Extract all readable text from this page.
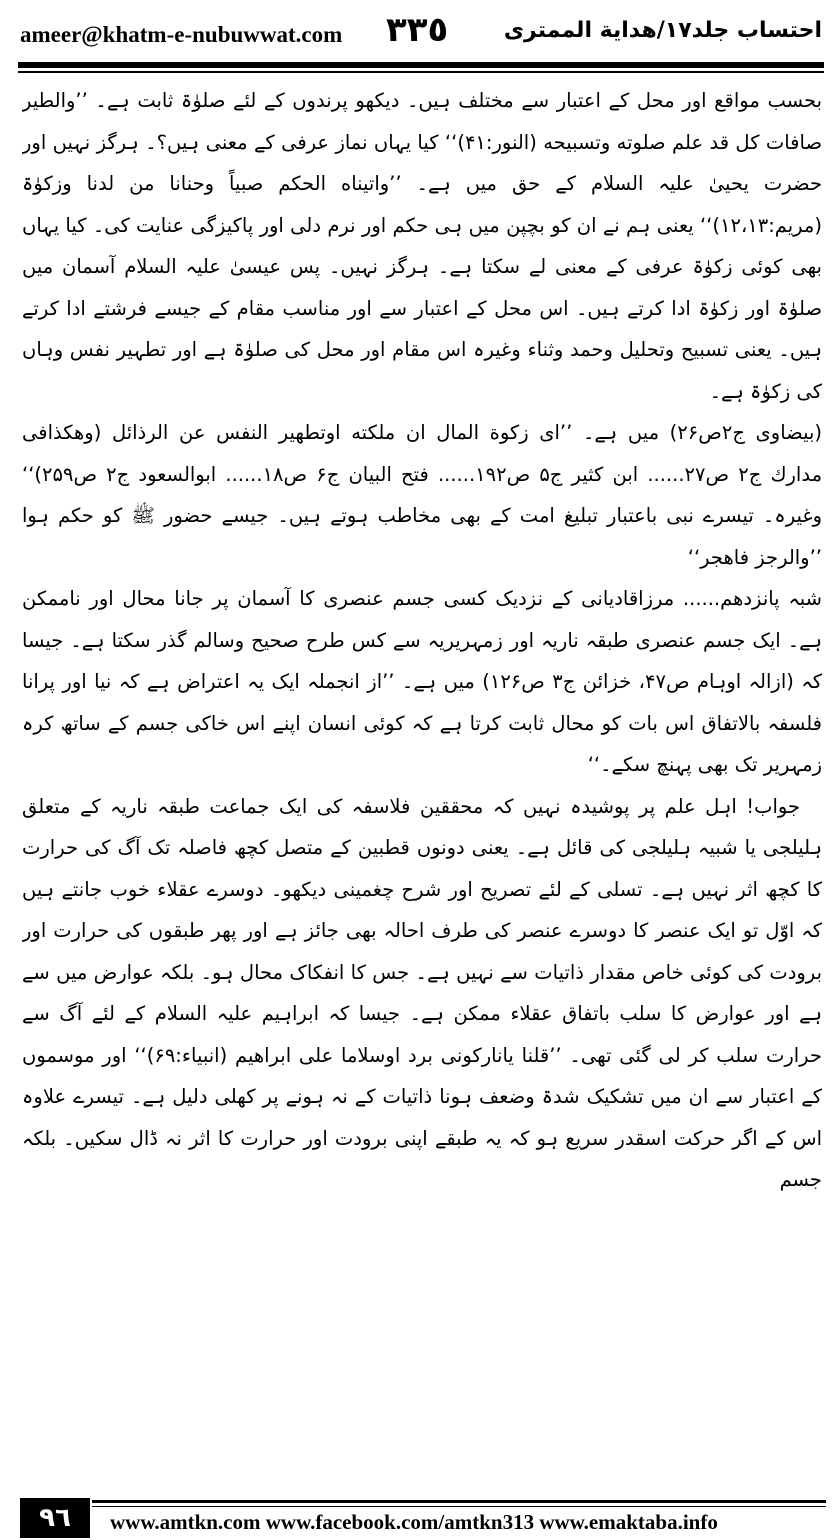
ameer@khatm-e-nubuwwat.com ٣٣٥	احتساب جلد۱۷/هداية الممترى

بحسب مواقع اور محل کے اعتبار سے مختلف ہیں۔ دیکھو پرندوں کے لئے صلوٰۃ ثابت ہے۔ ’’والطیر صافات کل قد علم صلوته وتسبیحه (النور:۴۱)‘‘ کیا یہاں نماز عرفی کے معنی ہیں؟۔ ہرگز نہیں اور حضرت یحییٰ علیہ السلام کے حق میں ہے۔ ’’واتیناه الحکم صبیاً وحنانا من لدنا وزکوٰۃ (مریم:۱۲،۱۳)‘‘ یعنی ہم نے ان کو بچپن میں ہی حکم اور نرم دلی اور پاکیزگی عنایت کی۔ کیا یہاں بھی کوئی زکوٰۃ عرفی کے معنی لے سکتا ہے۔ ہرگز نہیں۔ پس عیسیٰ علیہ السلام آسمان میں صلوٰۃ اور زکوٰۃ ادا کرتے ہیں۔ اس محل کے اعتبار سے اور مناسب مقام کے جیسے فرشتے ادا کرتے ہیں۔ یعنی تسبیح وتحلیل وحمد وثناء وغیرہ اس مقام اور محل کی صلوٰۃ ہے اور تطہیر نفس وہاں کی زکوٰۃ ہے۔

(بیضاوی ج۲ص۲۶) میں ہے۔ ’’ای زکوة المال ان ملکته اوتطهیر النفس عن الرذائل (وهکذافی مدارك ج۲ ص۲۷...... ابن کثیر ج۵ ص۱۹۲...... فتح البیان ج۶ ص۱۸...... ابوالسعود ج۲ ص۲۵۹)‘‘ وغیرہ۔ تیسرے نبی باعتبار تبلیغ امت کے بھی مخاطب ہوتے ہیں۔ جیسے حضور ﷺ کو حکم ہوا ’’والرجز فاهجر‘‘

شبہ پانزدھم...... مرزاقادیانی کے نزدیک کسی جسم عنصری کا آسمان پر جانا محال اور ناممکن ہے۔ ایک جسم عنصری طبقہ ناریہ اور زمہریریہ سے کس طرح صحیح وسالم گذر سکتا ہے۔ جیسا کہ (ازالہ اوہام ص۴۷، خزائن ج۳ ص۱۲۶) میں ہے۔ ’’از انجملہ ایک یہ اعتراض ہے کہ نیا اور پرانا فلسفہ بالاتفاق اس بات کو محال ثابت کرتا ہے کہ کوئی انسان اپنے اس خاکی جسم کے ساتھ کرہ زمہریر تک بھی پہنچ سکے۔‘‘

جواب! اہل علم پر پوشیدہ نہیں کہ محققین فلاسفہ کی ایک جماعت طبقہ ناریہ کے متعلق ہلیلجی یا شبیہ ہلیلجی کی قائل ہے۔ یعنی دونوں قطبین کے متصل کچھ فاصلہ تک آگ کی حرارت کا کچھ اثر نہیں ہے۔ تسلی کے لئے تصریح اور شرح چغمینی دیکھو۔ دوسرے عقلاء خوب جانتے ہیں کہ اوّل تو ایک عنصر کا دوسرے عنصر کی طرف احالہ بھی جائز ہے اور پھر طبقوں کی حرارت اور برودت کی کوئی خاص مقدار ذاتیات سے نہیں ہے۔ جس کا انفکاک محال ہو۔ بلکہ عوارض میں سے ہے اور عوارض کا سلب باتفاق عقلاء ممکن ہے۔ جیسا کہ ابراہیم علیہ السلام کے لئے آگ سے حرارت سلب کر لی گئی تھی۔ ’’قلنا یانارکونی برد اوسلاما علی ابراهیم (انبیاء:۶۹)‘‘ اور موسموں کے اعتبار سے ان میں تشکیک شدۃ وضعف ہونا ذاتیات کے نہ ہونے پر کھلی دلیل ہے۔ تیسرے علاوہ اس کے اگر حرکت اسقدر سریع ہو کہ یہ طبقے اپنی برودت اور حرارت کا اثر نہ ڈال سکیں۔ بلکہ جسم

٩٦	www.amtkn.com www.facebook.com/amtkn313 www.emaktaba.info
